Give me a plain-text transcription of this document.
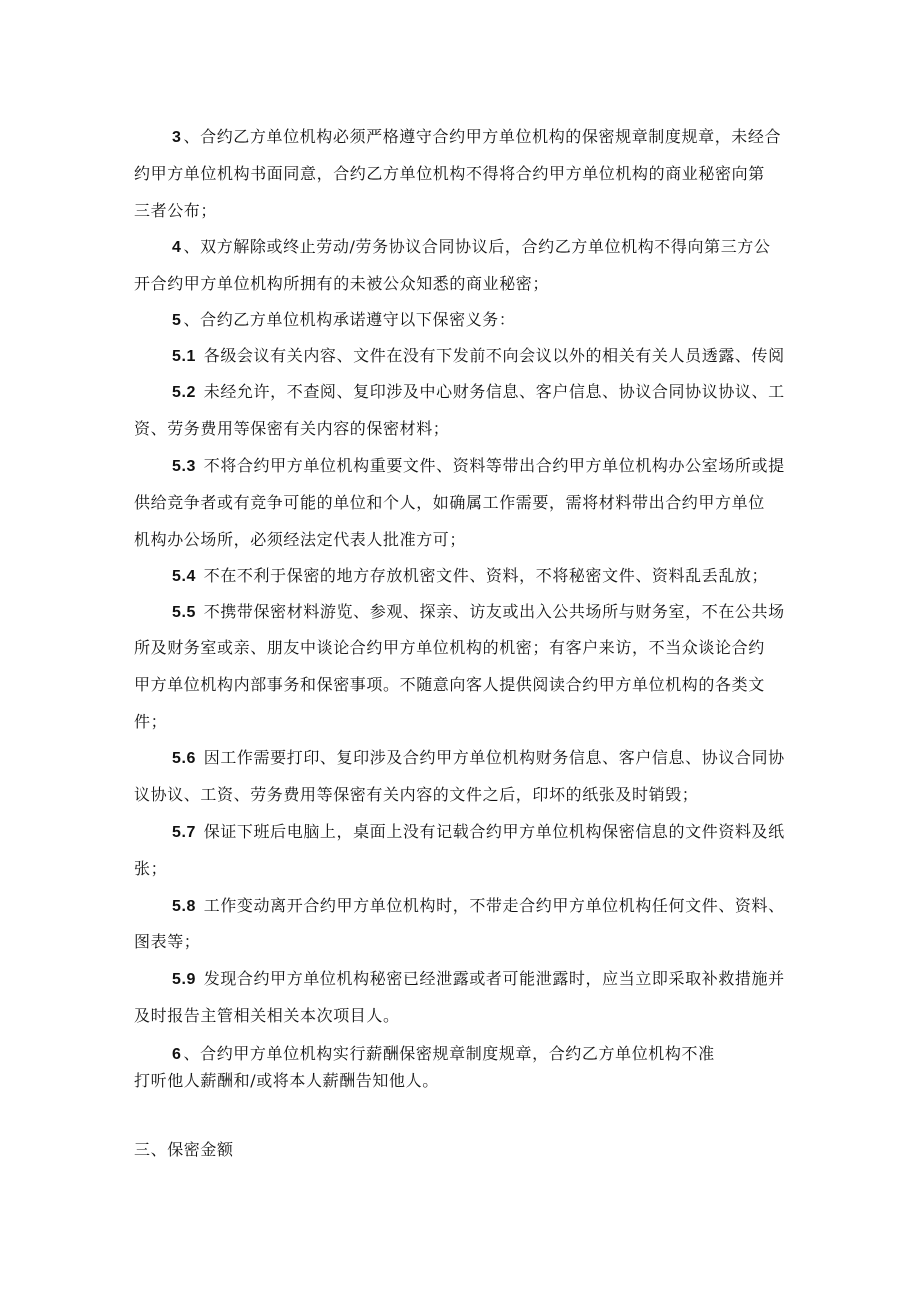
3 、合约乙方单位机构必须严格遵守合约甲方单位机构的保密规章制度规章，未经合
约甲方单位机构书面同意，合约乙方单位机构不得将合约甲方单位机构的商业秘密向第
三者公布；
4 、双方解除或终止劳动/劳务协议合同协议后，合约乙方单位机构不得向第三方公
开合约甲方单位机构所拥有的未被公众知悉的商业秘密；
5 、合约乙方单位机构承诺遵守以下保密义务：
5.1 各级会议有关内容、文件在没有下发前不向会议以外的相关有关人员透露、传阅
5.2 未经允许，不查阅、复印涉及中心财务信息、客户信息、协议合同协议协议、工
资、劳务费用等保密有关内容的保密材料；
5.3 不将合约甲方单位机构重要文件、资料等带出合约甲方单位机构办公室场所或提
供给竞争者或有竞争可能的单位和个人，如确属工作需要，需将材料带出合约甲方单位
机构办公场所，必须经法定代表人批准方可；
5.4 不在不利于保密的地方存放机密文件、资料，不将秘密文件、资料乱丢乱放；
5.5 不携带保密材料游览、参观、探亲、访友或出入公共场所与财务室，不在公共场
所及财务室或亲、朋友中谈论合约甲方单位机构的机密；有客户来访，不当众谈论合约
甲方单位机构内部事务和保密事项。不随意向客人提供阅读合约甲方单位机构的各类文
件；
5.6 因工作需要打印、复印涉及合约甲方单位机构财务信息、客户信息、协议合同协
议协议、工资、劳务费用等保密有关内容的文件之后，印坏的纸张及时销毁；
5.7 保证下班后电脑上，桌面上没有记载合约甲方单位机构保密信息的文件资料及纸
张；
5.8 工作变动离开合约甲方单位机构时，不带走合约甲方单位机构任何文件、资料、
图表等；
5.9 发现合约甲方单位机构秘密已经泄露或者可能泄露时，应当立即采取补救措施并
及时报告主管相关相关本次项目人。
6 、合约甲方单位机构实行薪酬保密规章制度规章，合约乙方单位机构不准
打听他人薪酬和/或将本人薪酬告知他人。
三、保密金额
